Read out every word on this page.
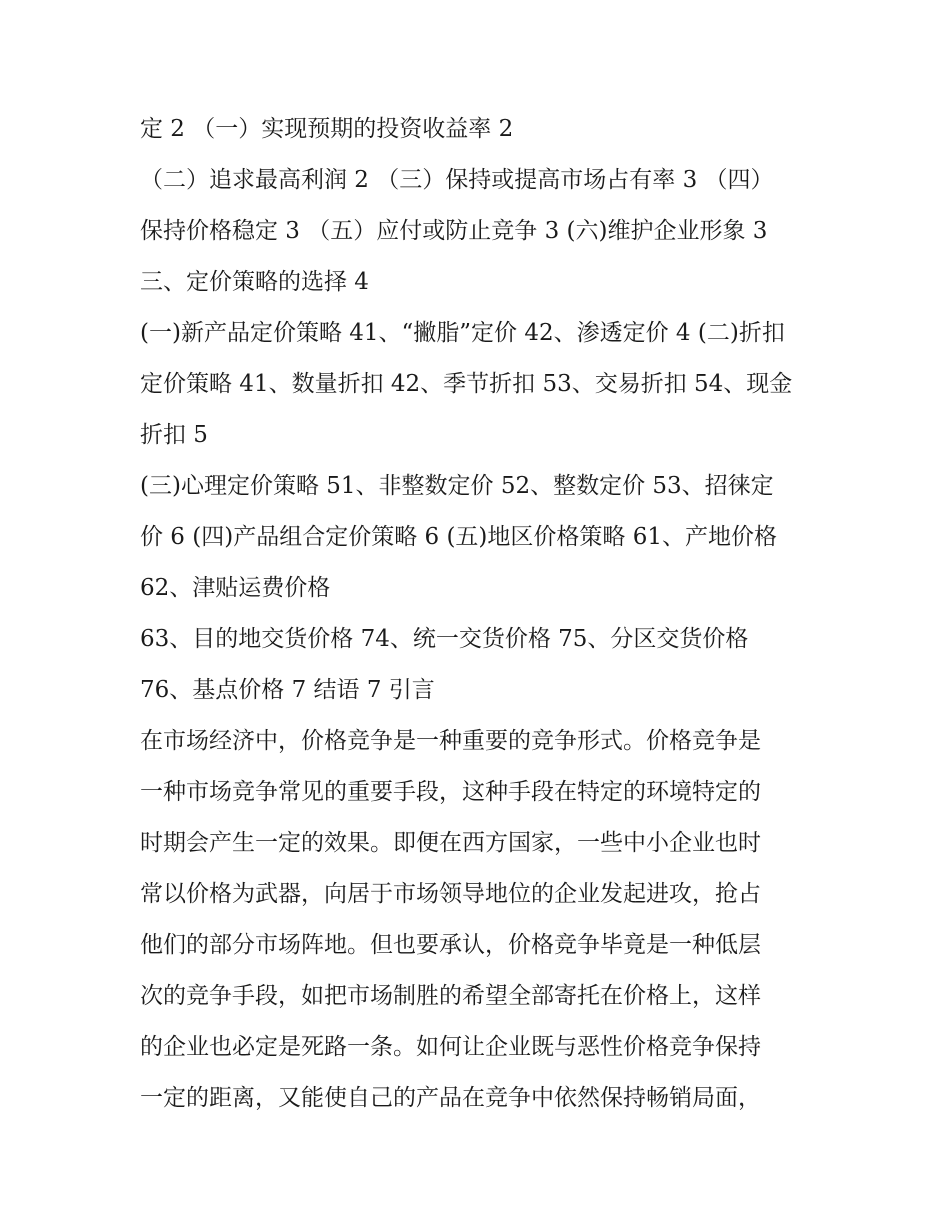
定 2 （一）实现预期的投资收益率 2
（二）追求最高利润 2 （三）保持或提高市场占有率 3 （四）
保持价格稳定 3 （五）应付或防止竞争 3 (六)维护企业形象 3
三、定价策略的选择 4
(一)新产品定价策略 41、“撇脂”定价 42、渗透定价 4 (二)折扣
定价策略 41、数量折扣 42、季节折扣 53、交易折扣 54、现金
折扣 5
(三)心理定价策略 51、非整数定价 52、整数定价 53、招徕定
价 6 (四)产品组合定价策略 6 (五)地区价格策略 61、产地价格
62、津贴运费价格
63、目的地交货价格 74、统一交货价格 75、分区交货价格
76、基点价格 7 结语 7 引言
在市场经济中，价格竞争是一种重要的竞争形式。价格竞争是
一种市场竞争常见的重要手段，这种手段在特定的环境特定的
时期会产生一定的效果。即便在西方国家，一些中小企业也时
常以价格为武器，向居于市场领导地位的企业发起进攻，抢占
他们的部分市场阵地。但也要承认，价格竞争毕竟是一种低层
次的竞争手段，如把市场制胜的希望全部寄托在价格上，这样
的企业也必定是死路一条。如何让企业既与恶性价格竞争保持
一定的距离，又能使自己的产品在竞争中依然保持畅销局面，
